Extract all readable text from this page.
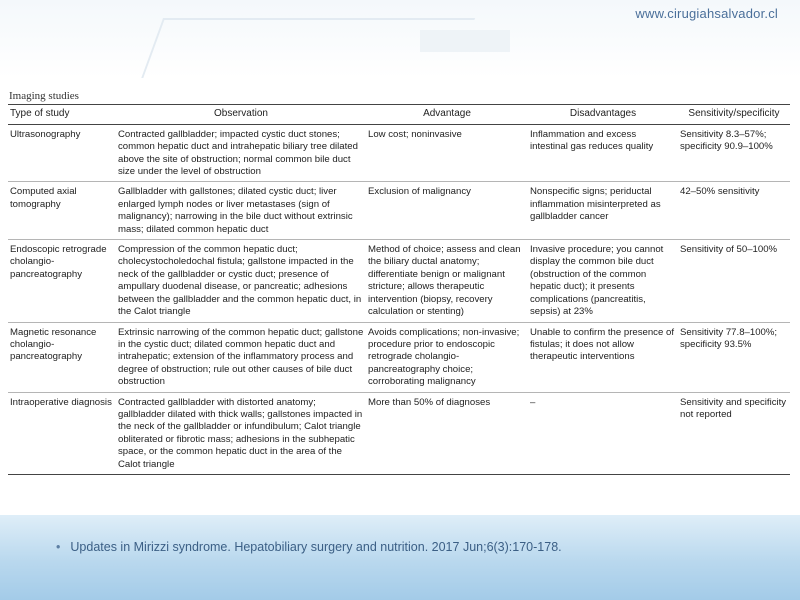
www.cirugiahsalvador.cl
Imaging studies
Type of study	Observation	Advantage	Disadvantages	Sensitivity/specificity
Ultrasonography	Contracted gallbladder; impacted cystic duct stones; common hepatic duct and intrahepatic biliary tree dilated above the site of obstruction; normal common bile duct size under the level of obstruction	Low cost; noninvasive	Inflammation and excess intestinal gas reduces quality	Sensitivity 8.3–57%; specificity 90.9–100%
Computed axial tomography	Gallbladder with gallstones; dilated cystic duct; liver enlarged lymph nodes or liver metastases (sign of malignancy); narrowing in the bile duct without extrinsic mass; dilated common hepatic duct	Exclusion of malignancy	Nonspecific signs; periductal inflammation misinterpreted as gallbladder cancer	42–50% sensitivity
Endoscopic retrograde cholangio-pancreatography	Compression of the common hepatic duct; cholecystocholedochal fistula; gallstone impacted in the neck of the gallbladder or cystic duct; presence of ampullary duodenal disease, or pancreatic; adhesions between the gallbladder and the common hepatic duct, in the Calot triangle	Method of choice; assess and clean the biliary ductal anatomy; differentiate benign or malignant stricture; allows therapeutic intervention (biopsy, recovery calculation or stenting)	Invasive procedure; you cannot display the common bile duct (obstruction of the common hepatic duct); it presents complications (pancreatitis, sepsis) at 23%	Sensitivity of 50–100%
Magnetic resonance cholangio-pancreatography	Extrinsic narrowing of the common hepatic duct; gallstone in the cystic duct; dilated common hepatic duct and intrahepatic; extension of the inflammatory process and degree of obstruction; rule out other causes of bile duct obstruction	Avoids complications; non-invasive; procedure prior to endoscopic retrograde cholangio-pancreatography choice; corroborating malignancy	Unable to confirm the presence of fistulas; it does not allow therapeutic interventions	Sensitivity 77.8–100%; specificity 93.5%
Intraoperative diagnosis	Contracted gallbladder with distorted anatomy; gallbladder dilated with thick walls; gallstones impacted in the neck of the gallbladder or infundibulum; Calot triangle obliterated or fibrotic mass; adhesions in the subhepatic space, or the common hepatic duct in the area of the Calot triangle	More than 50% of diagnoses	–	Sensitivity and specificity not reported
• Updates in Mirizzi syndrome. Hepatobiliary surgery and nutrition. 2017 Jun;6(3):170-178.
